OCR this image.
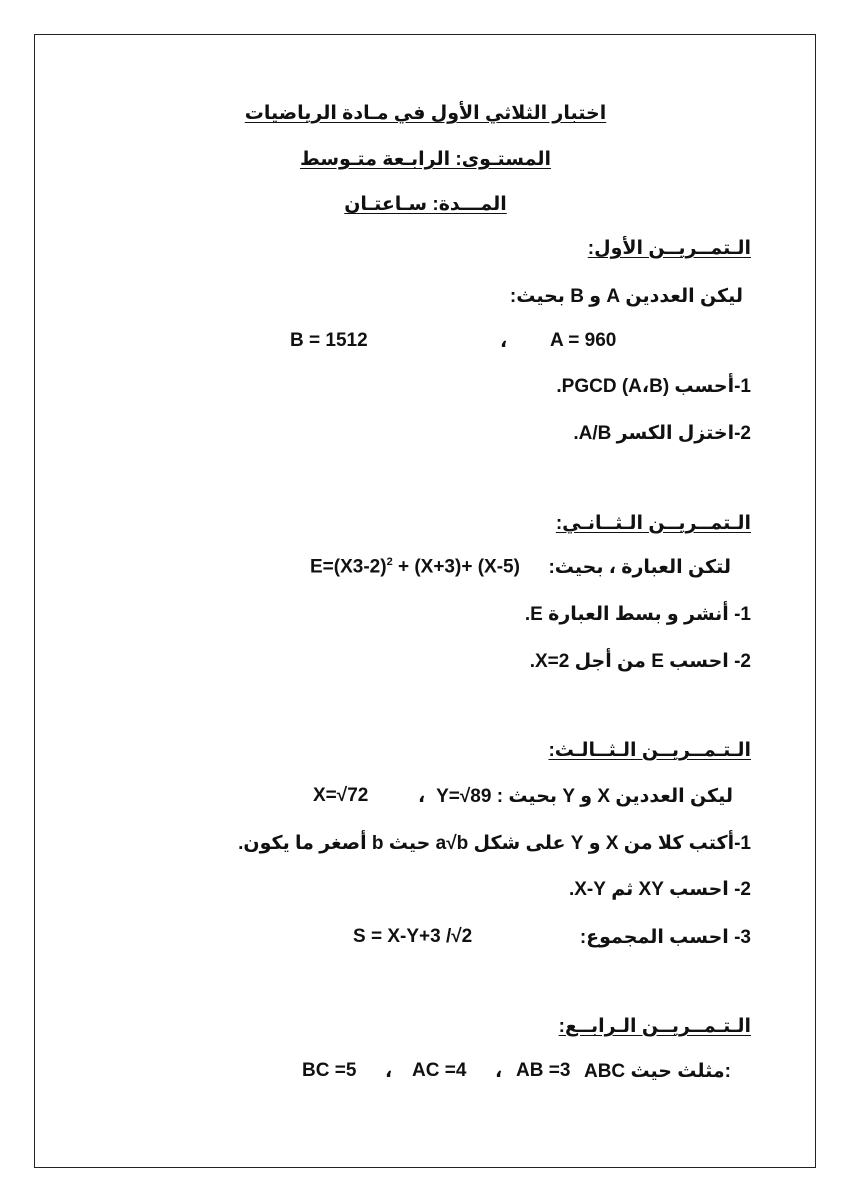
اختبار الثلاثي الأول في مـادة الرياضيات
المستـوى: الرابـعة متـوسط
المـــدة: سـاعتـان
الـتمــريــن الأول:
ليكن العددين A و B بحيث:
B = 1512	، A = 960
1-أحسب PGCD (A،B).
2-اختزل الكسر A/B.
الـتمــريــن الـثــانـي:
لتكن العبارة ، بحيث:
$E=(X3-2)^2 + (X+3)+ (X-5)$
1- أنشر و بسط العبارة E.
2- احسب E من أجل X=2.
الـتـمــريــن الـثــالـث:
ليكن العددين X و Y بحيث : Y=√89
،
X=√72
1-أكتب كلا من X و Y على شكل a√b حيث b أصغر ما يكون.
2- احسب XY ثم X-Y.
3- احسب المجموع:
S = X-Y+3 /√2
الـتـمــريــن الـرابــع:
ABC مثلث حيث:
AB =3
،
AC =4
،
BC =5
